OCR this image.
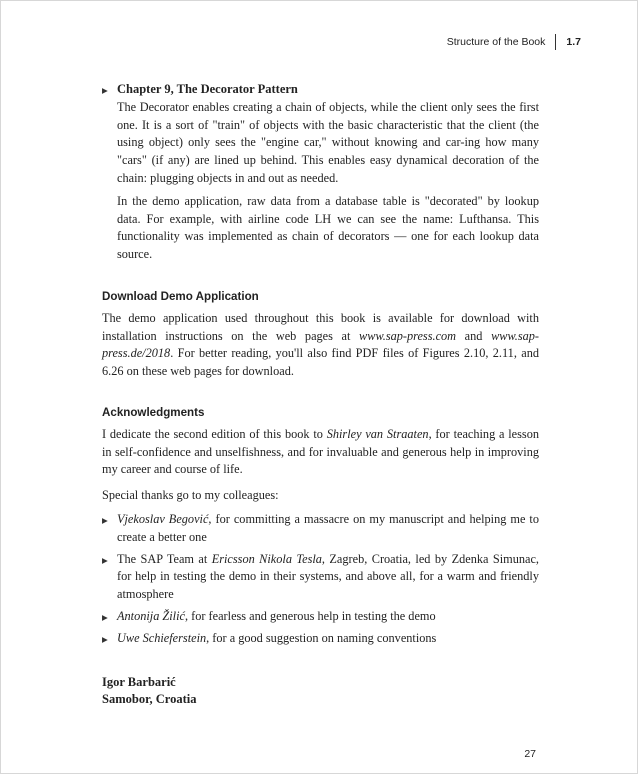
Structure of the Book 1.7

▶ Chapter 9, The Decorator Pattern

The Decorator enables creating a chain of objects, while the client only sees the first one. It is a sort of "train" of objects with the basic characteristic that the client (the using object) only sees the "engine car," without knowing and car-ing how many "cars" (if any) are lined up behind. This enables easy dynamical decoration of the chain: plugging objects in and out as needed.

In the demo application, raw data from a database table is "decorated" by lookup data. For example, with airline code LH we can see the name: Lufthansa. This functionality was implemented as chain of decorators — one for each lookup data source.

Download Demo Application

The demo application used throughout this book is available for download with installation instructions on the web pages at www.sap-press.com and www.sap-press.de/2018. For better reading, you'll also find PDF files of Figures 2.10, 2.11, and 6.26 on these web pages for download.

Acknowledgments

I dedicate the second edition of this book to Shirley van Straaten, for teaching a lesson in self-confidence and unselfishness, and for invaluable and generous help in improving my career and course of life.

Special thanks go to my colleagues:

▶ Vjekoslav Begović, for committing a massacre on my manuscript and helping me to create a better one

▶ The SAP Team at Ericsson Nikola Tesla, Zagreb, Croatia, led by Zdenka Simunac, for help in testing the demo in their systems, and above all, for a warm and friendly atmosphere

▶ Antonija Žilić, for fearless and generous help in testing the demo

▶ Uwe Schieferstein, for a good suggestion on naming conventions

Igor Barbarić
Samobor, Croatia
27
